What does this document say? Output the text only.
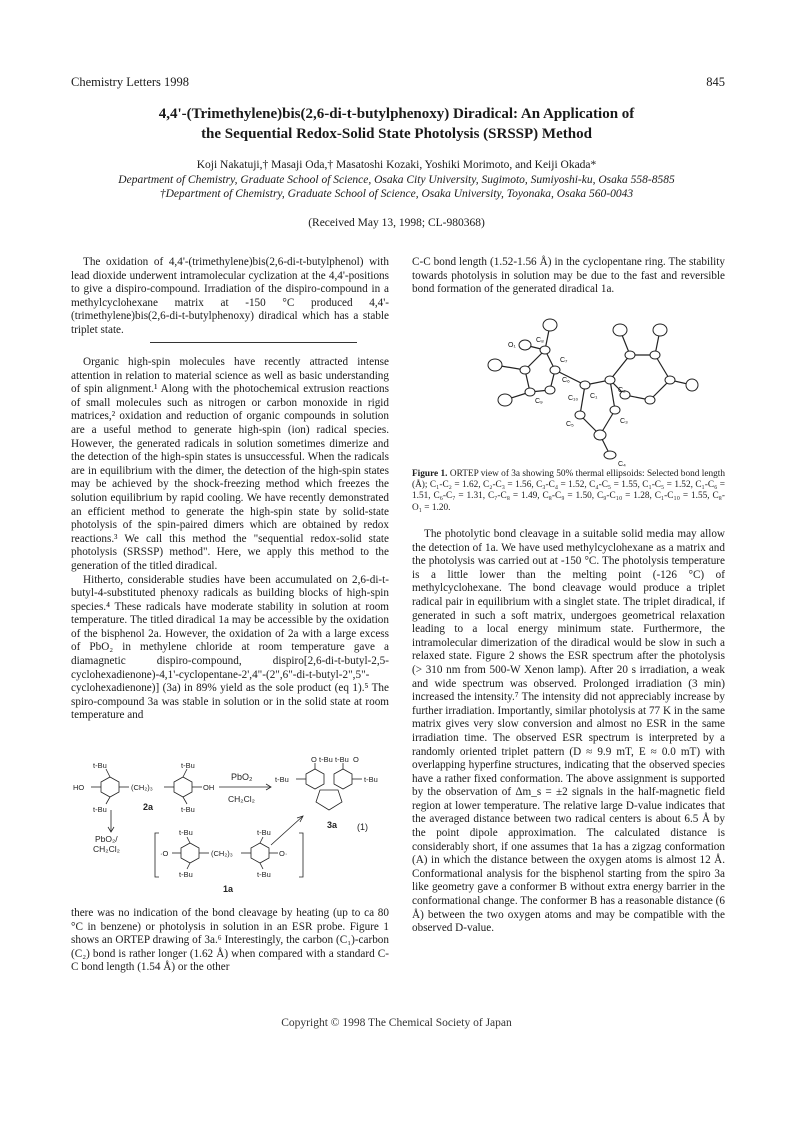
Chemistry Letters 1998	845
4,4'-(Trimethylene)bis(2,6-di-t-butylphenoxy) Diradical: An Application of
the Sequential Redox-Solid State Photolysis (SRSSP) Method
Koji Nakatuji,† Masaji Oda,† Masatoshi Kozaki, Yoshiki Morimoto, and Keiji Okada*
Department of Chemistry, Graduate School of Science, Osaka City University, Sugimoto, Sumiyoshi-ku, Osaka 558-8585
†Department of Chemistry, Graduate School of Science, Osaka University, Toyonaka, Osaka 560-0043
(Received May 13, 1998; CL-980368)

The oxidation of 4,4'-(trimethylene)bis(2,6-di-t-butylphenol) with lead dioxide underwent intramolecular cyclization at the 4,4'-positions to give a dispiro-compound. Irradiation of the dispiro-compound in a methylcyclohexane matrix at -150 °C produced 4,4'-(trimethylene)bis(2,6-di-t-butylphenoxy) diradical which has a stable triplet state.

Organic high-spin molecules have recently attracted intense attention in relation to material science as well as basic understanding of spin alignment.¹ Along with the photochemical extrusion reactions of small molecules such as nitrogen or carbon monoxide in rigid matrices,² oxidation and reduction of organic compounds in solution are a useful method to generate high-spin (ion) radical species. However, the generated radicals in solution sometimes dimerize and the detection of the high-spin states is unsuccessful. When the radicals are in equilibrium with the dimer, the detection of the high-spin states may be achieved by the shock-freezing method which freezes the solution equilibrium by rapid cooling. We have recently demonstrated an efficient method to generate the high-spin state by solid-state photolysis of the spin-paired dimers which are obtained by redox reactions.³ We call this method the "sequential redox-solid state photolysis (SRSSP) method". Here, we apply this method to the generation of the titled diradical.

Hitherto, considerable studies have been accumulated on 2,6-di-t-butyl-4-substituted phenoxy radicals as building blocks of high-spin species.⁴ These radicals have moderate stability in solution at room temperature. The titled diradical 1a may be accessible by the oxidation of the bisphenol 2a. However, the oxidation of 2a with a large excess of PbO₂ in methylene chloride at room temperature gave a diamagnetic dispiro-compound, dispiro[2,6-di-t-butyl-2,5-cyclohexadienone)-4,1'-cyclopentane-2',4"-(2",6"-di-t-butyl-2",5"-cyclohexadienone)] (3a) in 89% yield as the sole product (eq 1).⁵ The spiro-compound 3a was stable in solution or in the solid state at room temperature and

t-Bu
t-Bu
t-Bu
t-Bu
HO	(CH₂)₃	OH
2a
PbO₂
CH₂Cl₂
O t-Bu t-Bu O
t-Bu	t-Bu
3a (1)
PbO₂/
CH₂Cl₂
t-Bu
t-Bu
t-Bu
t-Bu
·O	(CH₂)₃	O·
1a

there was no indication of the bond cleavage by heating (up to ca 80 °C in benzene) or photolysis in solution in an ESR probe. Figure 1 shows an ORTEP drawing of 3a.⁶ Interestingly, the carbon (C₁)-carbon (C₂) bond is rather longer (1.62 Å) when compared with a standard C-C bond length (1.54 Å) or the other

C-C bond length (1.52-1.56 Å) in the cyclopentane ring. The stability towards photolysis in solution may be due to the fast and reversible bond formation of the generated diradical 1a.

O₁
C₈
C₇
C₉
C₆
C₁₀ C₁
C₂
C₅	C₃
C₄
Figure 1. ORTEP view of 3a showing 50% thermal ellipsoids: Selected bond length (Å); C₁-C₂ = 1.62, C₂-C₃ = 1.56, C₃-C₄ = 1.52, C₄-C₅ = 1.55, C₁-C₅ = 1.52, C₁-C₆ = 1.51, C₆-C₇ = 1.31, C₇-C₈ = 1.49, C₈-C₉ = 1.50, C₉-C₁₀ = 1.28, C₁-C₁₀ = 1.55, C₈-O₁ = 1.20.

The photolytic bond cleavage in a suitable solid media may allow the detection of 1a. We have used methylcyclohexane as a matrix and the photolysis was carried out at -150 °C. The photolysis temperature is a little lower than the melting point (-126 °C) of methylcyclohexane. The bond cleavage would produce a triplet radical pair in equilibrium with a singlet state. The triplet diradical, if generated in such a soft matrix, undergoes geometrical relaxation leading to a local energy minimum state. Furthermore, the intramolecular dimerization of the diradical would be slow in such a relaxed state. Figure 2 shows the ESR spectrum after the photolysis (> 310 nm from 500-W Xenon lamp). After 20 s irradiation, a weak and wide spectrum was observed. Prolonged irradiation (3 min) increased the intensity.⁷ The intensity did not appreciably increase by further irradiation. Importantly, similar photolysis at 77 K in the same matrix gives very slow conversion and almost no ESR in the same irradiation time. The observed ESR spectrum is interpreted by a randomly oriented triplet pattern (D ≈ 9.9 mT, E ≈ 0.0 mT) with overlapping hyperfine structures, indicating that the observed species have a rather fixed conformation. The above assignment is supported by the observation of Δm_s = ±2 signals in the half-magnetic field region at lower temperature. The relative large D-value indicates that the averaged distance between two radical centers is about 6.5 Å by the point dipole approximation. The calculated distance is considerably short, if one assumes that 1a has a zigzag conformation (A) in which the distance between the oxygen atoms is almost 12 Å. Conformational analysis for the bisphenol starting from the spiro 3a like geometry gave a conformer B without extra energy barrier in the conformational change. The conformer B has a reasonable distance (6 Å) between the two oxygen atoms and may be compatible with the observed D-value.

Copyright © 1998 The Chemical Society of Japan
